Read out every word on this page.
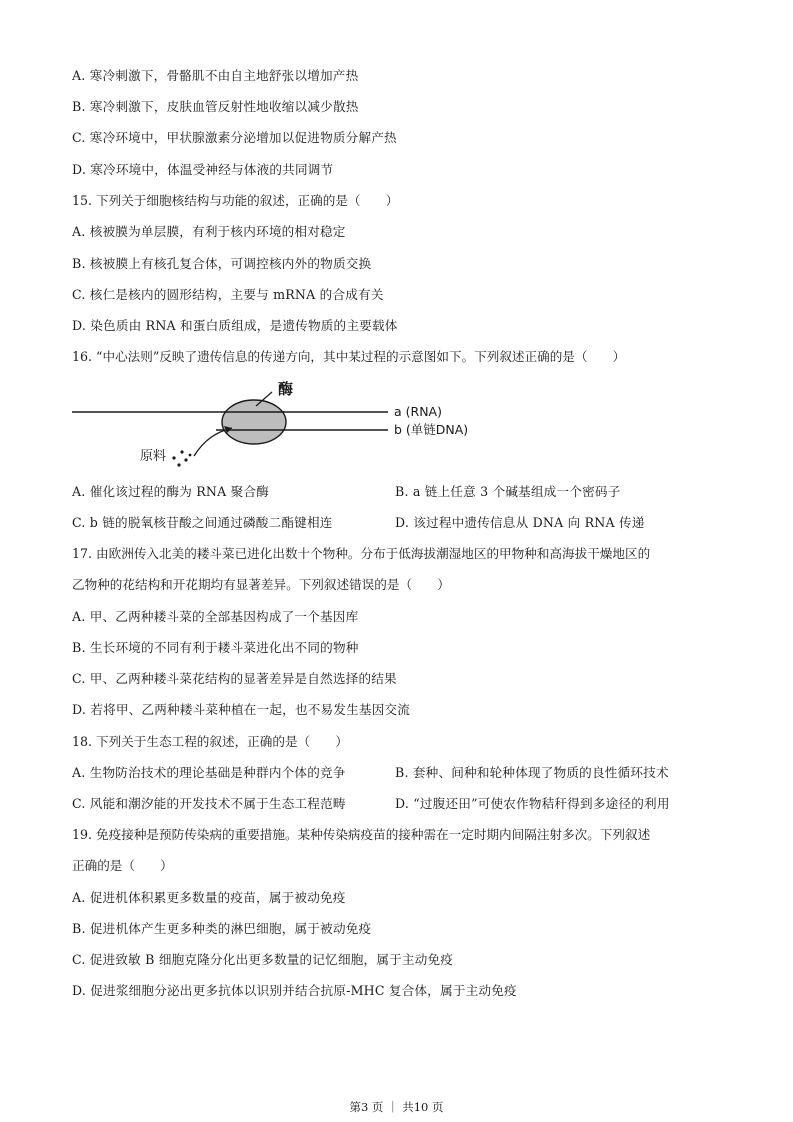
A. 寒冷刺激下，骨骼肌不由自主地舒张以增加产热
B. 寒冷刺激下，皮肤血管反射性地收缩以减少散热
C. 寒冷环境中，甲状腺激素分泌增加以促进物质分解产热
D. 寒冷环境中，体温受神经与体液的共同调节
15. 下列关于细胞核结构与功能的叙述，正确的是（　　）
A. 核被膜为单层膜，有利于核内环境的相对稳定
B. 核被膜上有核孔复合体，可调控核内外的物质交换
C. 核仁是核内的圆形结构，主要与 mRNA 的合成有关
D. 染色质由 RNA 和蛋白质组成，是遗传物质的主要载体
16. “中心法则”反映了遗传信息的传递方向，其中某过程的示意图如下。下列叙述正确的是（　　）
酶
a (RNA)
b (单链DNA)
原料
A. 催化该过程的酶为 RNA 聚合酶	B. a 链上任意 3 个碱基组成一个密码子
C. b 链的脱氧核苷酸之间通过磷酸二酯键相连	D. 该过程中遗传信息从 DNA 向 RNA 传递
17. 由欧洲传入北美的耧斗菜已进化出数十个物种。分布于低海拔潮湿地区的甲物种和高海拔干燥地区的
乙物种的花结构和开花期均有显著差异。下列叙述错误的是（　　）
A. 甲、乙两种耧斗菜的全部基因构成了一个基因库
B. 生长环境的不同有利于耧斗菜进化出不同的物种
C. 甲、乙两种耧斗菜花结构的显著差异是自然选择的结果
D. 若将甲、乙两种耧斗菜种植在一起，也不易发生基因交流
18. 下列关于生态工程的叙述，正确的是（　　）
A. 生物防治技术的理论基础是种群内个体的竞争	B. 套种、间种和轮种体现了物质的良性循环技术
C. 风能和潮汐能的开发技术不属于生态工程范畴	D. “过腹还田”可使农作物秸秆得到多途径的利用
19. 免疫接种是预防传染病的重要措施。某种传染病疫苗的接种需在一定时期内间隔注射多次。下列叙述
正确的是（　　）
A. 促进机体积累更多数量的疫苗，属于被动免疫
B. 促进机体产生更多种类的淋巴细胞，属于被动免疫
C. 促进致敏 B 细胞克隆分化出更多数量的记忆细胞，属于主动免疫
D. 促进浆细胞分泌出更多抗体以识别并结合抗原-MHC 复合体，属于主动免疫
第3 页 ｜ 共10 页
